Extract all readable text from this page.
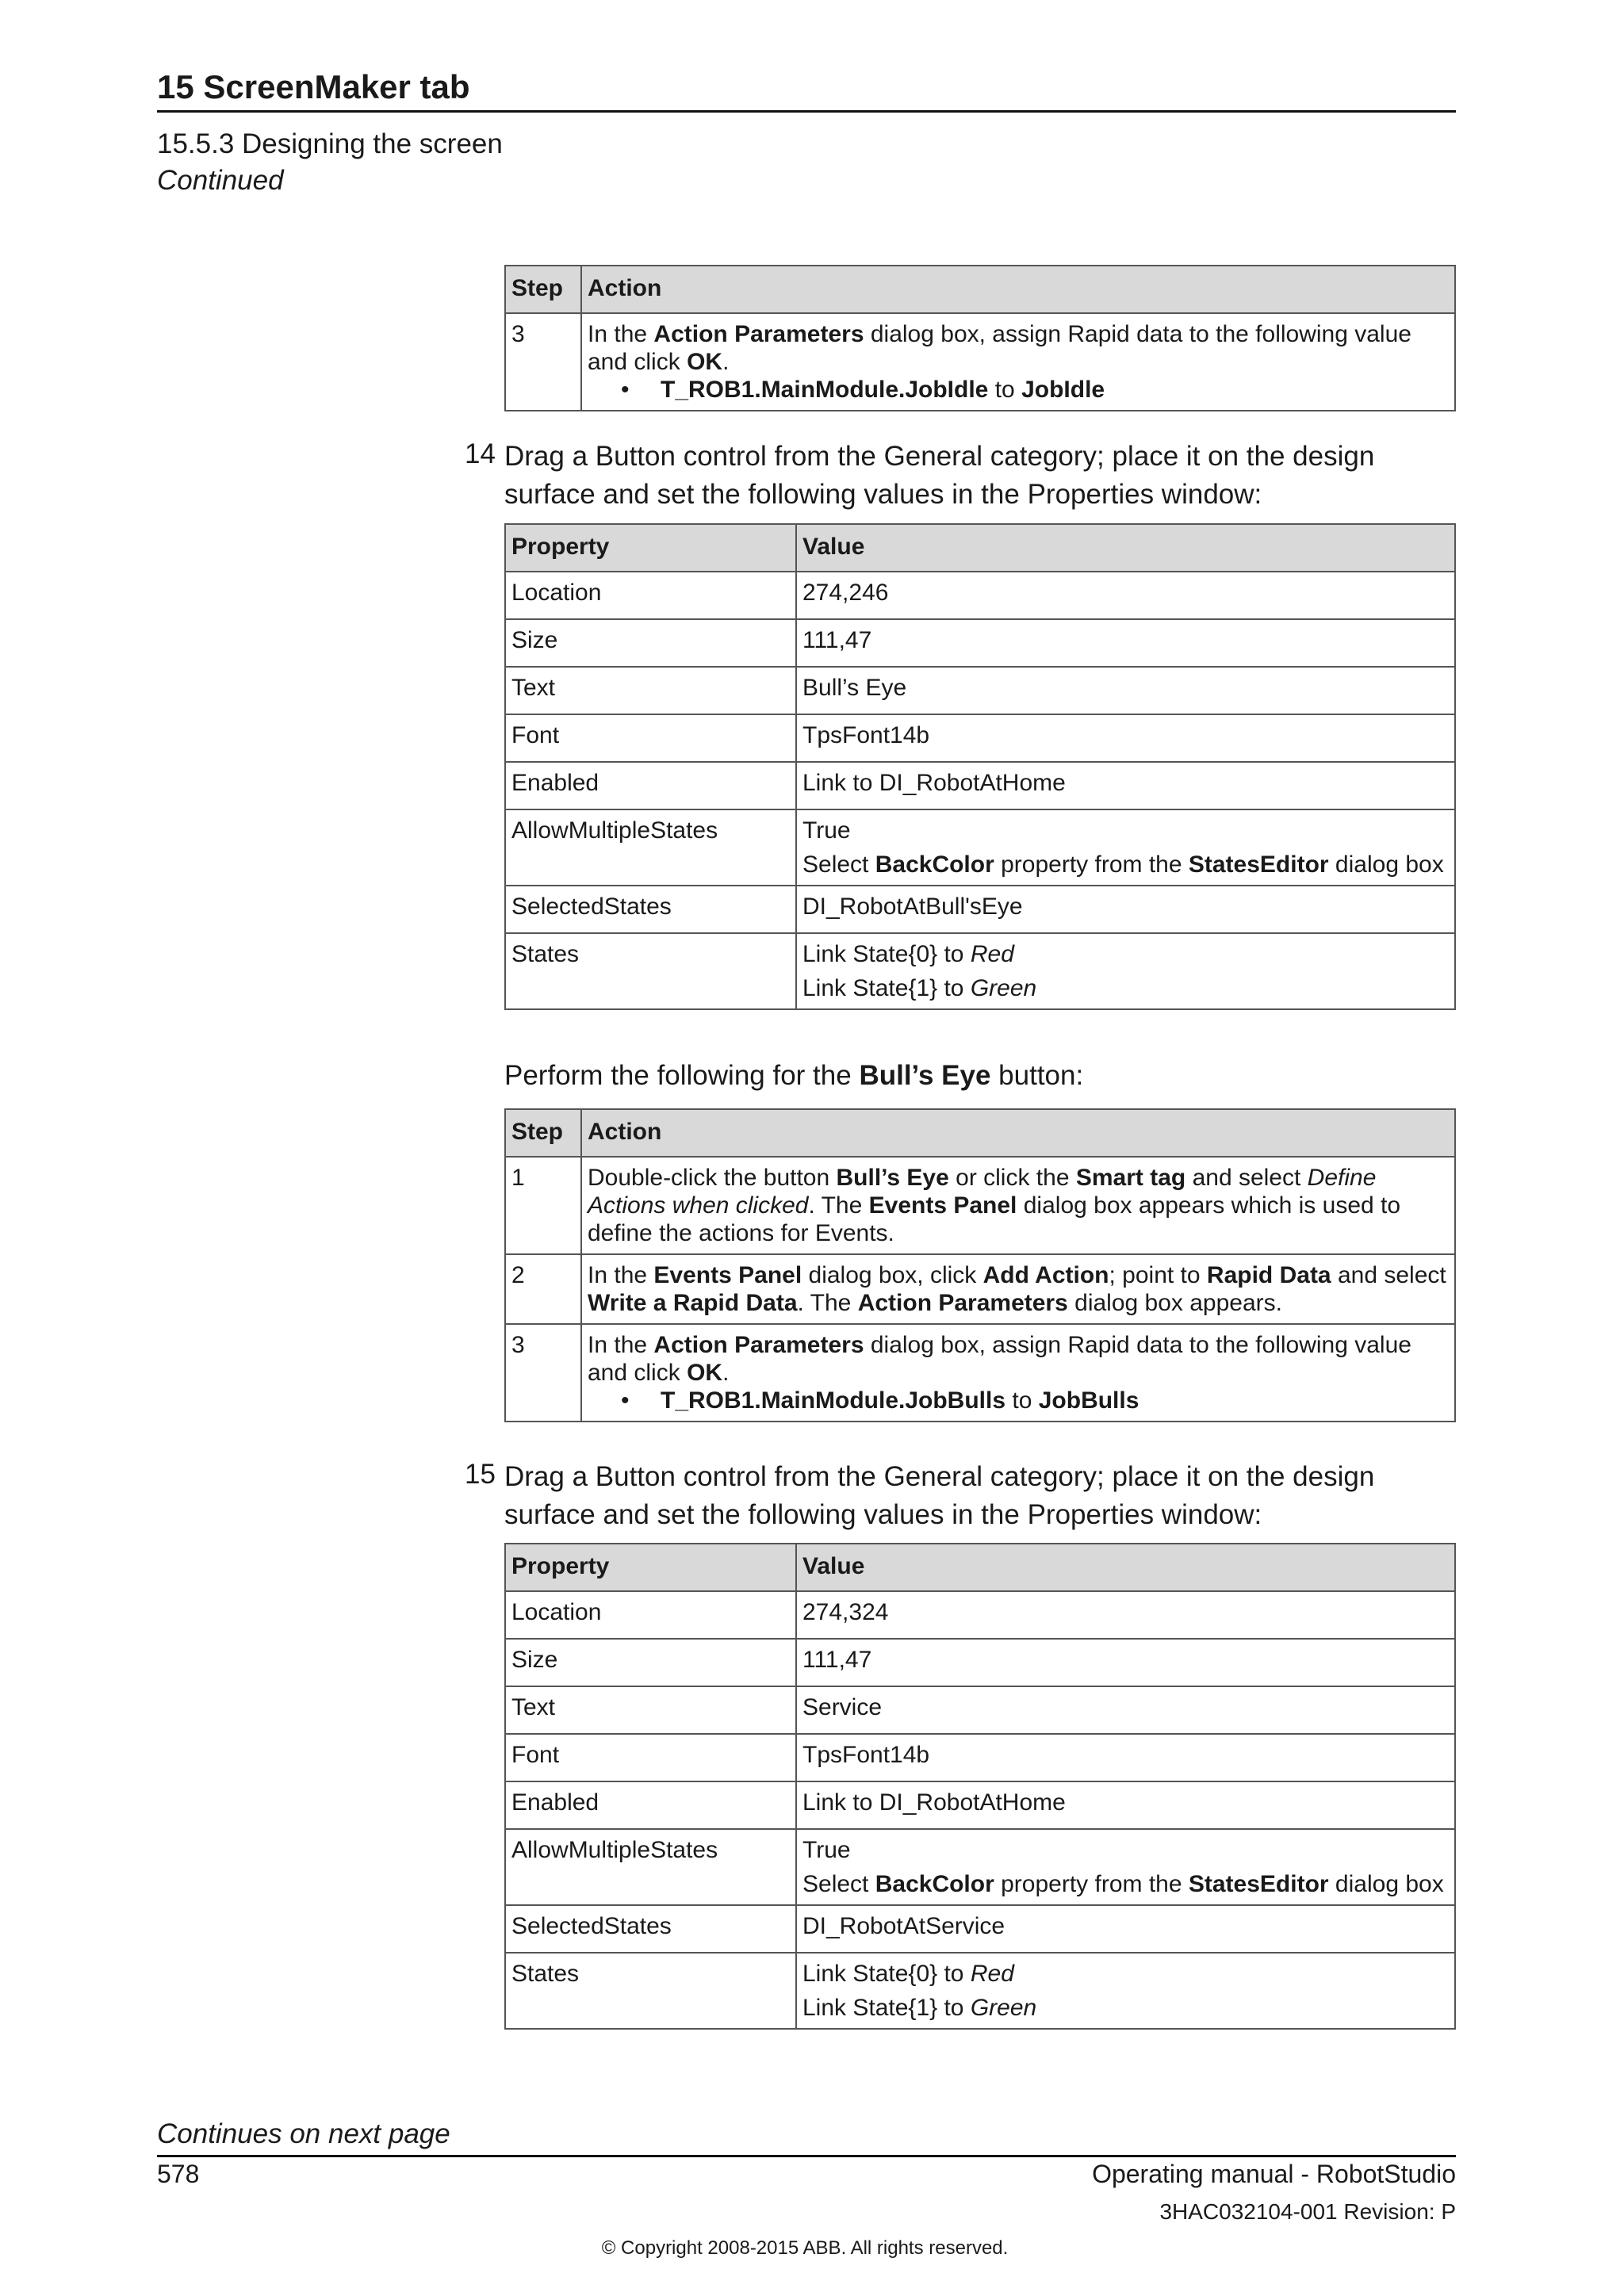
15 ScreenMaker tab
15.5.3 Designing the screen
Continued
Step	Action
3	In the Action Parameters dialog box, assign Rapid data to the following value and click OK.
• T_ROB1.MainModule.JobIdle to JobIdle
14 Drag a Button control from the General category; place it on the design surface and set the following values in the Properties window:
Property	Value
Location	274,246
Size	111,47
Text	Bull’s Eye
Font	TpsFont14b
Enabled	Link to DI_RobotAtHome
AllowMultipleStates	True
Select BackColor property from the StatesEditor dialog box

SelectedStates	DI_RobotAtBull'sEye
States	Link State{0} to Red
Link State{1} to Green
Perform the following for the Bull’s Eye button:
Step	Action
1	Double-click the button Bull’s Eye or click the Smart tag and select Define Actions when clicked. The Events Panel dialog box appears which is used to define the actions for Events.
2	In the Events Panel dialog box, click Add Action; point to Rapid Data and select Write a Rapid Data. The Action Parameters dialog box appears.
3	In the Action Parameters dialog box, assign Rapid data to the following value and click OK.
• T_ROB1.MainModule.JobBulls to JobBulls
15 Drag a Button control from the General category; place it on the design surface and set the following values in the Properties window:
Property	Value
Location	274,324
Size	111,47
Text	Service
Font	TpsFont14b
Enabled	Link to DI_RobotAtHome
AllowMultipleStates	True
Select BackColor property from the StatesEditor dialog box

SelectedStates	DI_RobotAtService
States	Link State{0} to Red
Link State{1} to Green
Continues on next page
578	Operating manual - RobotStudio
3HAC032104-001 Revision: P
© Copyright 2008-2015 ABB. All rights reserved.
